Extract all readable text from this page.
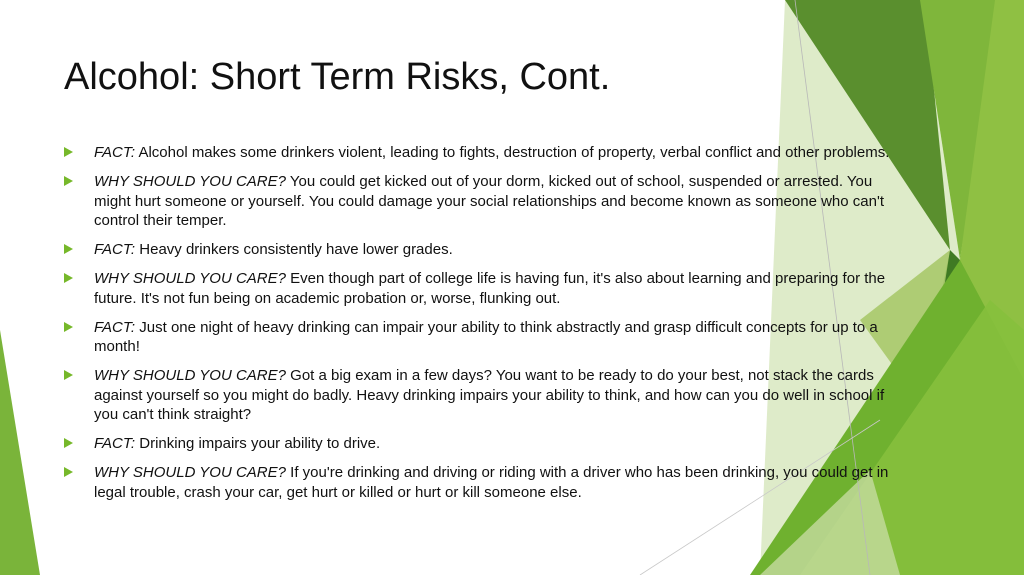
Alcohol: Short Term Risks, Cont.
FACT: Alcohol makes some drinkers violent, leading to fights, destruction of property, verbal conflict and other problems.
WHY SHOULD YOU CARE? You could get kicked out of your dorm, kicked out of school, suspended or arrested. You might hurt someone or yourself. You could damage your social relationships and become known as someone who can't control their temper.
FACT: Heavy drinkers consistently have lower grades.
WHY SHOULD YOU CARE? Even though part of college life is having fun, it's also about learning and preparing for the future. It's not fun being on academic probation or, worse, flunking out.
FACT: Just one night of heavy drinking can impair your ability to think abstractly and grasp difficult concepts for up to a month!
WHY SHOULD YOU CARE? Got a big exam in a few days? You want to be ready to do your best, not stack the cards against yourself so you might do badly. Heavy drinking impairs your ability to think, and how can you do well in school if you can't think straight?
FACT: Drinking impairs your ability to drive.
WHY SHOULD YOU CARE? If you're drinking and driving or riding with a driver who has been drinking, you could get in legal trouble, crash your car, get hurt or killed or hurt or kill someone else.
